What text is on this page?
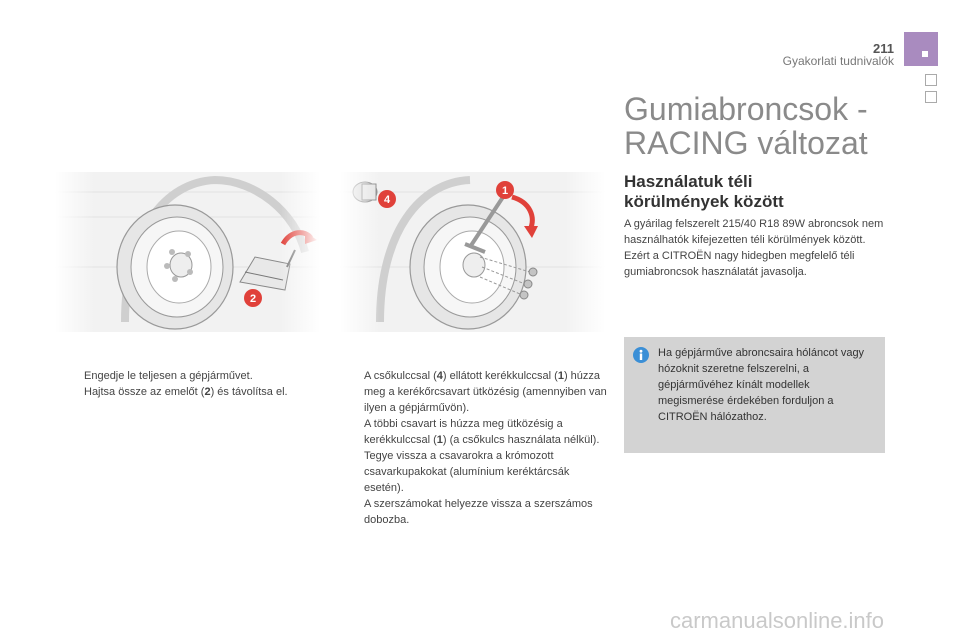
211
Gyakorlati tudnivalók
Gumiabroncsok -
RACING változat
Használatuk téli
körülmények között
A gyárilag felszerelt 215/40 R18 89W abroncsok nem használhatók kifejezetten téli körülmények között. Ezért a CITROËN nagy hidegben megfelelő téli gumiabroncsok használatát javasolja.
Ha gépjárműve abroncsaira hóláncot vagy hózoknit szeretne felszerelni, a gépjárművéhez kínált modellek megismerése érdekében forduljon a CITROËN hálózathoz.

Engedje le teljesen a gépjárművet.

Hajtsa össze az emelőt (2) és távolítsa el.

A csőkulccsal (4) ellátott kerékkulccsal (1) húzza meg a kerékőrcsavart ütközésig (amennyiben van ilyen a gépjárművön).

A többi csavart is húzza meg ütközésig a kerékkulccsal (1) (a csőkulcs használata nélkül).

Tegye vissza a csavarokra a krómozott csavarkupakokat (alumínium keréktárcsák esetén).

A szerszámokat helyezze vissza a szerszámos dobozba.

carmanualsonline.info
